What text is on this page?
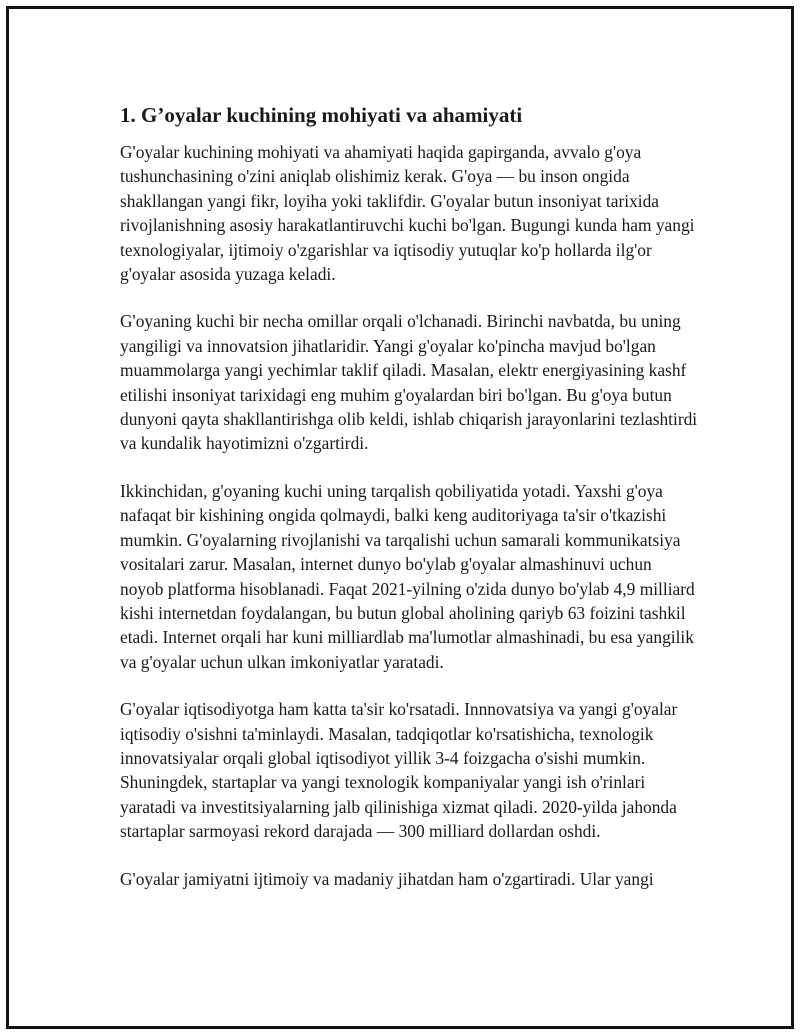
1. G’oyalar kuchining mohiyati va ahamiyati

G'oyalar kuchining mohiyati va ahamiyati haqida gapirganda, avvalo g'oya tushunchasining o'zini aniqlab olishimiz kerak. G'oya — bu inson ongida shakllangan yangi fikr, loyiha yoki taklifdir. G'oyalar butun insoniyat tarixida rivojlanishning asosiy harakatlantiruvchi kuchi bo'lgan. Bugungi kunda ham yangi texnologiyalar, ijtimoiy o'zgarishlar va iqtisodiy yutuqlar ko'p hollarda ilg'or g'oyalar asosida yuzaga keladi.

G'oyaning kuchi bir necha omillar orqali o'lchanadi. Birinchi navbatda, bu uning yangiligi va innovatsion jihatlaridir. Yangi g'oyalar ko'pincha mavjud bo'lgan muammolarga yangi yechimlar taklif qiladi. Masalan, elektr energiyasining kashf etilishi insoniyat tarixidagi eng muhim g'oyalardan biri bo'lgan. Bu g'oya butun dunyoni qayta shakllantirishga olib keldi, ishlab chiqarish jarayonlarini tezlashtirdi va kundalik hayotimizni o'zgartirdi.

Ikkinchidan, g'oyaning kuchi uning tarqalish qobiliyatida yotadi. Yaxshi g'oya nafaqat bir kishining ongida qolmaydi, balki keng auditoriyaga ta'sir o'tkazishi mumkin. G'oyalarning rivojlanishi va tarqalishi uchun samarali kommunikatsiya vositalari zarur. Masalan, internet dunyo bo'ylab g'oyalar almashinuvi uchun noyob platforma hisoblanadi. Faqat 2021-yilning o'zida dunyo bo'ylab 4,9 milliard kishi internetdan foydalangan, bu butun global aholining qariyb 63 foizini tashkil etadi. Internet orqali har kuni milliardlab ma'lumotlar almashinadi, bu esa yangilik va g'oyalar uchun ulkan imkoniyatlar yaratadi.

G'oyalar iqtisodiyotga ham katta ta'sir ko'rsatadi. Innnovatsiya va yangi g'oyalar iqtisodiy o'sishni ta'minlaydi. Masalan, tadqiqotlar ko'rsatishicha, texnologik innovatsiyalar orqali global iqtisodiyot yillik 3-4 foizgacha o'sishi mumkin. Shuningdek, startaplar va yangi texnologik kompaniyalar yangi ish o'rinlari yaratadi va investitsiyalarning jalb qilinishiga xizmat qiladi. 2020-yilda jahonda startaplar sarmoyasi rekord darajada — 300 milliard dollardan oshdi.

G'oyalar jamiyatni ijtimoiy va madaniy jihatdan ham o'zgartiradi. Ular yangi
